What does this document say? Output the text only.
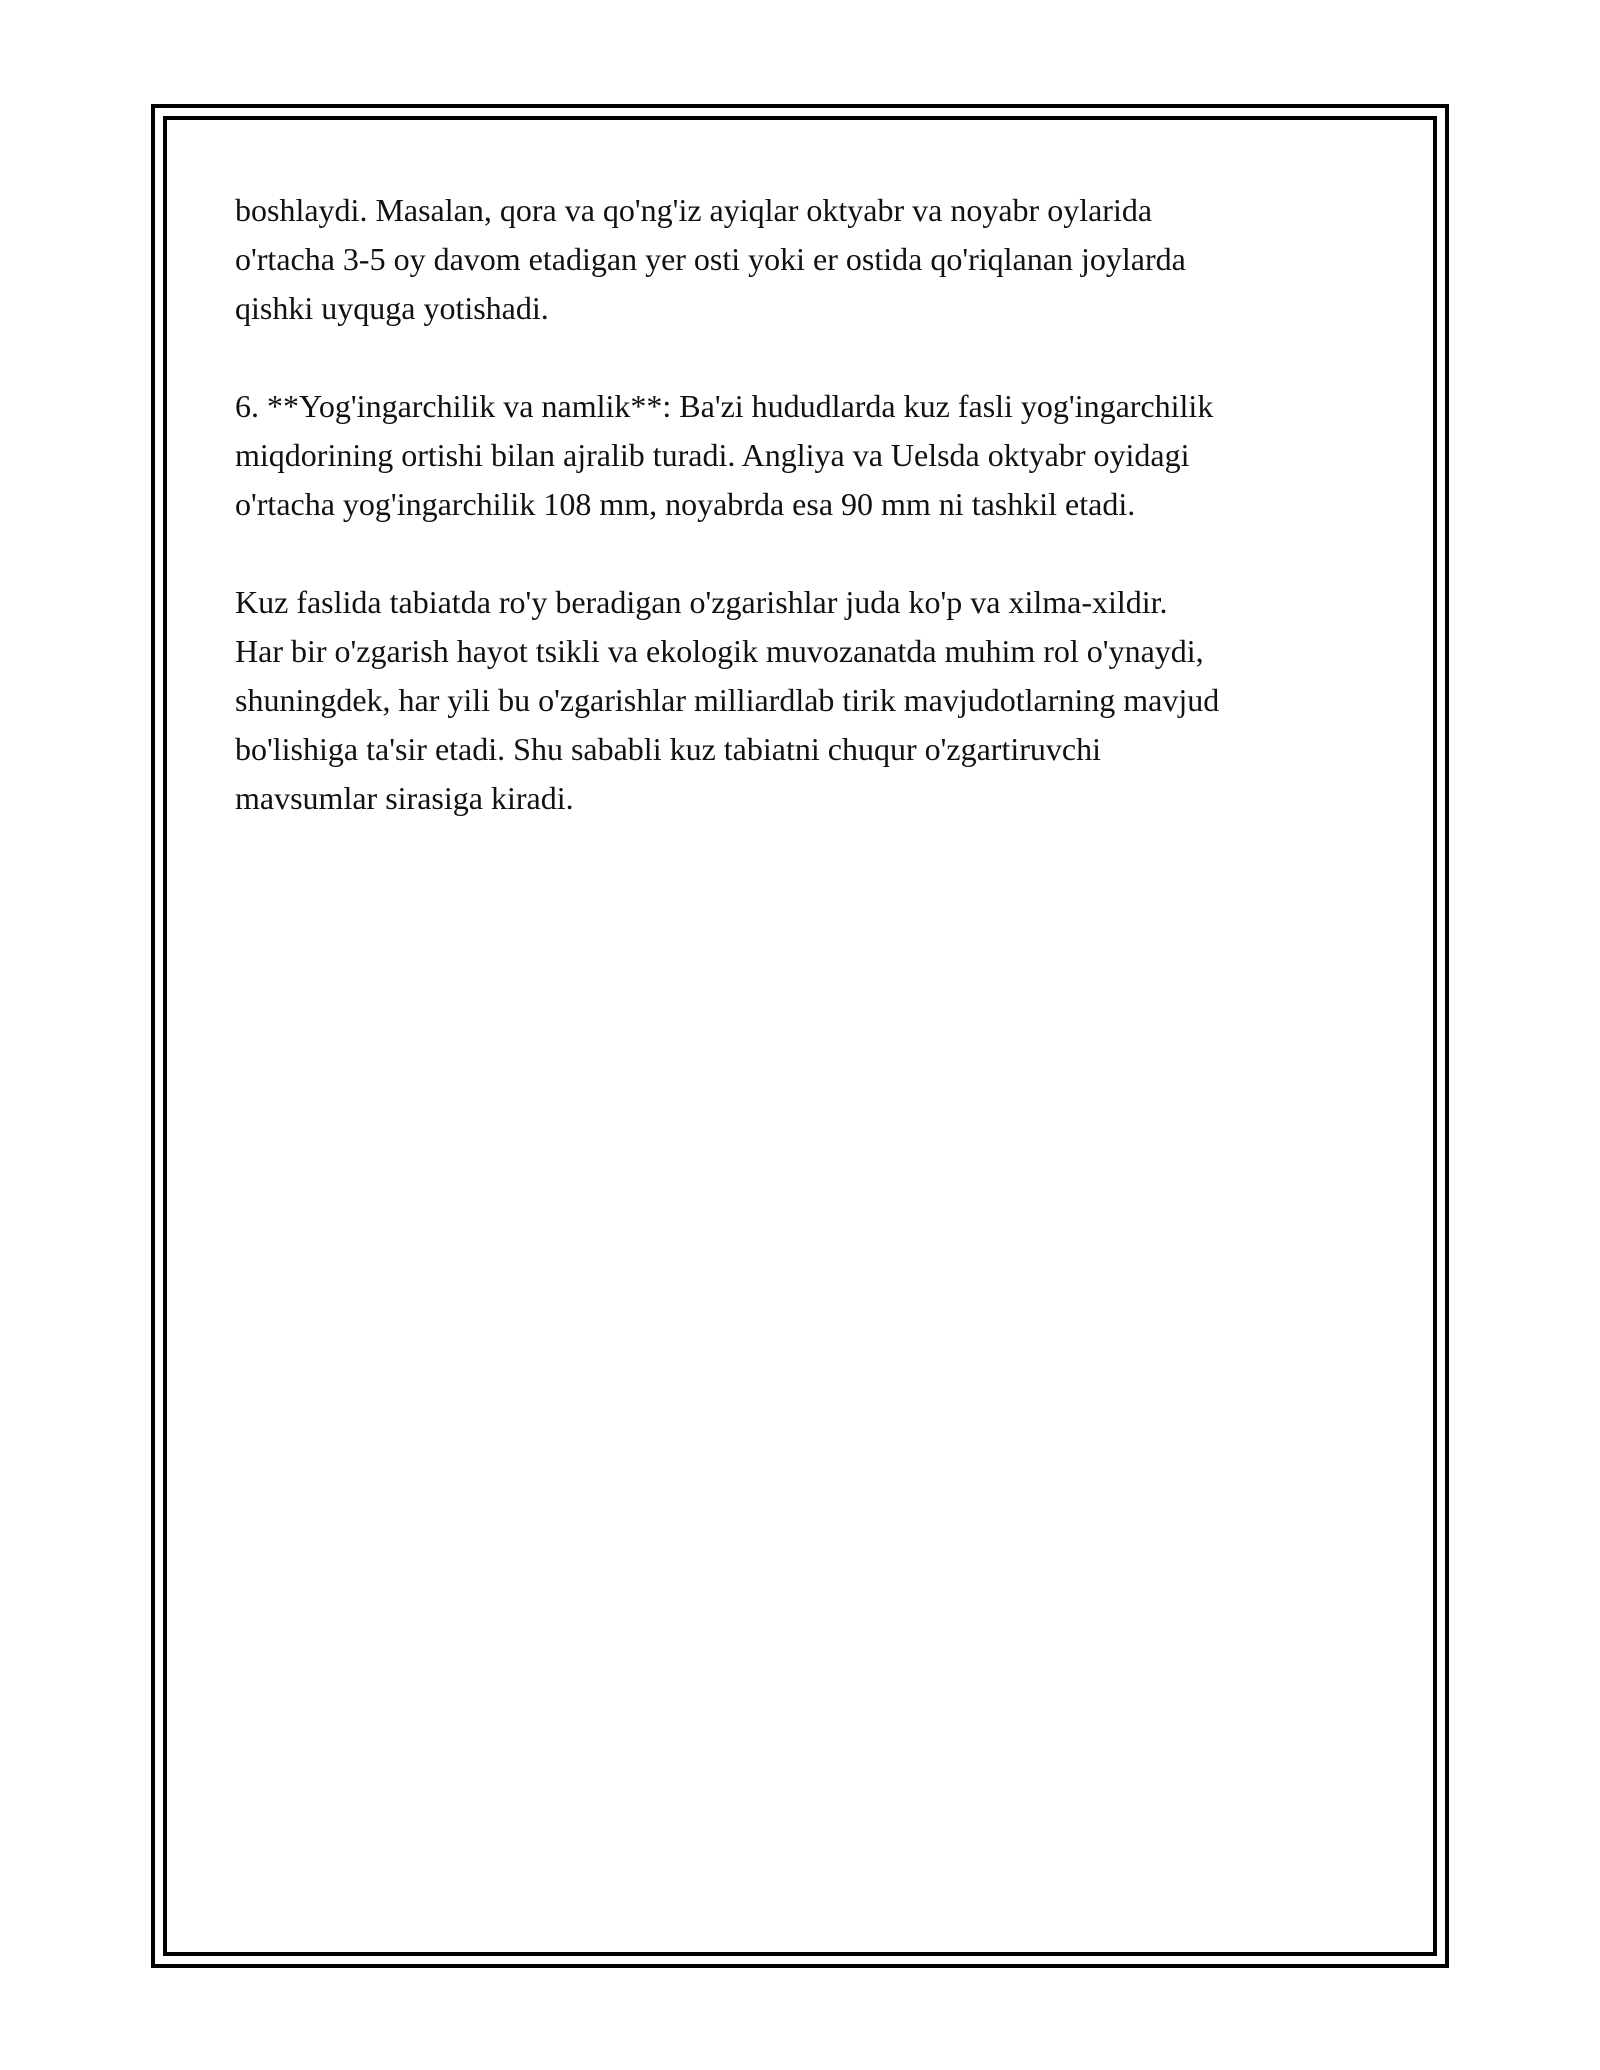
boshlaydi. Masalan, qora va qo'ng'iz ayiqlar oktyabr va noyabr oylarida
o'rtacha 3-5 oy davom etadigan yer osti yoki er ostida qo'riqlanan joylarda
qishki uyquga yotishadi.

6. **Yog'ingarchilik va namlik**: Ba'zi hududlarda kuz fasli yog'ingarchilik
miqdorining ortishi bilan ajralib turadi. Angliya va Uelsda oktyabr oyidagi
o'rtacha yog'ingarchilik 108 mm, noyabrda esa 90 mm ni tashkil etadi.

Kuz faslida tabiatda ro'y beradigan o'zgarishlar juda ko'p va xilma-xildir.
Har bir o'zgarish hayot tsikli va ekologik muvozanatda muhim rol o'ynaydi,
shuningdek, har yili bu o'zgarishlar milliardlab tirik mavjudotlarning mavjud
bo'lishiga ta'sir etadi. Shu sababli kuz tabiatni chuqur o'zgartiruvchi
mavsumlar sirasiga kiradi.
